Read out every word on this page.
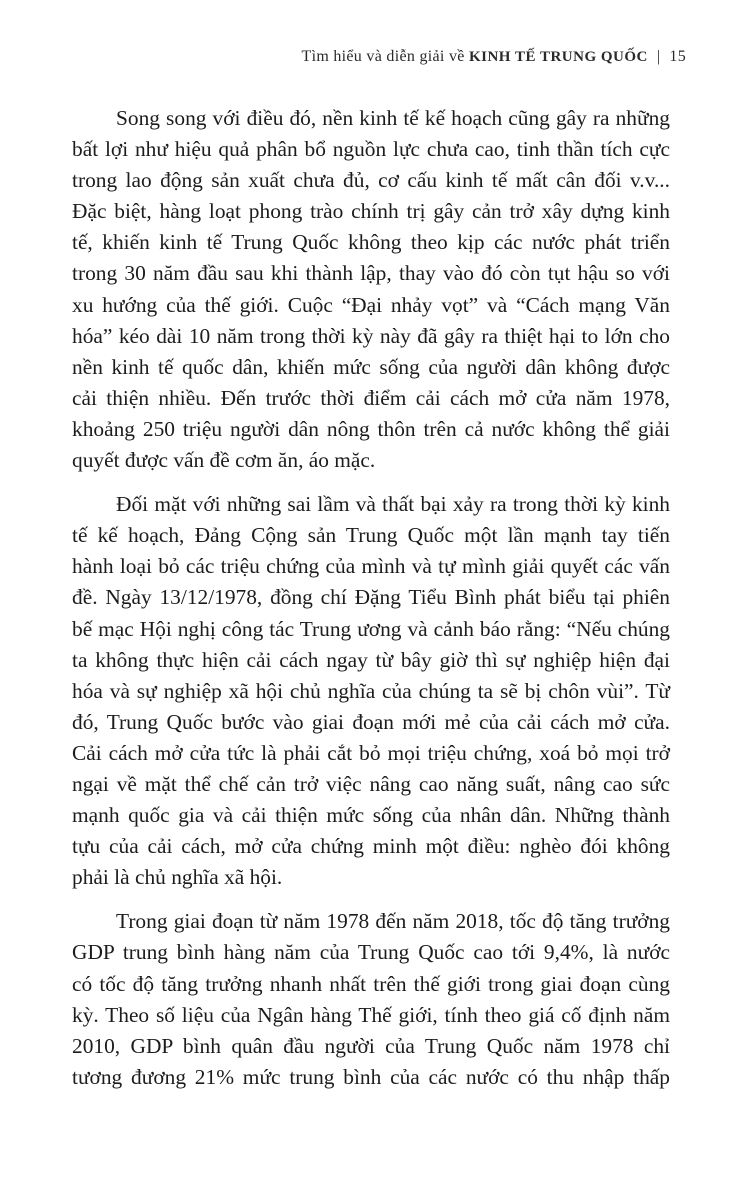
Tìm hiểu và diễn giải về KINH TẾ TRUNG QUỐC | 15

Song song với điều đó, nền kinh tế kế hoạch cũng gây ra những
bất lợi như hiệu quả phân bổ nguồn lực chưa cao, tinh thần tích cực
trong lao động sản xuất chưa đủ, cơ cấu kinh tế mất cân đối v.v...
Đặc biệt, hàng loạt phong trào chính trị gây cản trở xây dựng kinh
tế, khiến kinh tế Trung Quốc không theo kịp các nước phát triển
trong 30 năm đầu sau khi thành lập, thay vào đó còn tụt hậu so với
xu hướng của thế giới. Cuộc “Đại nhảy vọt” và “Cách mạng Văn
hóa” kéo dài 10 năm trong thời kỳ này đã gây ra thiệt hại to lớn cho
nền kinh tế quốc dân, khiến mức sống của người dân không được
cải thiện nhiều. Đến trước thời điểm cải cách mở cửa năm 1978,
khoảng 250 triệu người dân nông thôn trên cả nước không thể giải
quyết được vấn đề cơm ăn, áo mặc.

Đối mặt với những sai lầm và thất bại xảy ra trong thời kỳ kinh
tế kế hoạch, Đảng Cộng sản Trung Quốc một lần mạnh tay tiến
hành loại bỏ các triệu chứng của mình và tự mình giải quyết các vấn
đề. Ngày 13/12/1978, đồng chí Đặng Tiểu Bình phát biểu tại phiên
bế mạc Hội nghị công tác Trung ương và cảnh báo rằng: “Nếu chúng
ta không thực hiện cải cách ngay từ bây giờ thì sự nghiệp hiện đại
hóa và sự nghiệp xã hội chủ nghĩa của chúng ta sẽ bị chôn vùi”. Từ
đó, Trung Quốc bước vào giai đoạn mới mẻ của cải cách mở cửa.
Cải cách mở cửa tức là phải cắt bỏ mọi triệu chứng, xoá bỏ mọi trở
ngại về mặt thể chế cản trở việc nâng cao năng suất, nâng cao sức
mạnh quốc gia và cải thiện mức sống của nhân dân. Những thành
tựu của cải cách, mở cửa chứng minh một điều: nghèo đói không
phải là chủ nghĩa xã hội.

Trong giai đoạn từ năm 1978 đến năm 2018, tốc độ tăng trưởng
GDP trung bình hàng năm của Trung Quốc cao tới 9,4%, là nước
có tốc độ tăng trưởng nhanh nhất trên thế giới trong giai đoạn cùng
kỳ. Theo số liệu của Ngân hàng Thế giới, tính theo giá cố định năm
2010, GDP bình quân đầu người của Trung Quốc năm 1978 chỉ
tương đương 21% mức trung bình của các nước có thu nhập thấp
